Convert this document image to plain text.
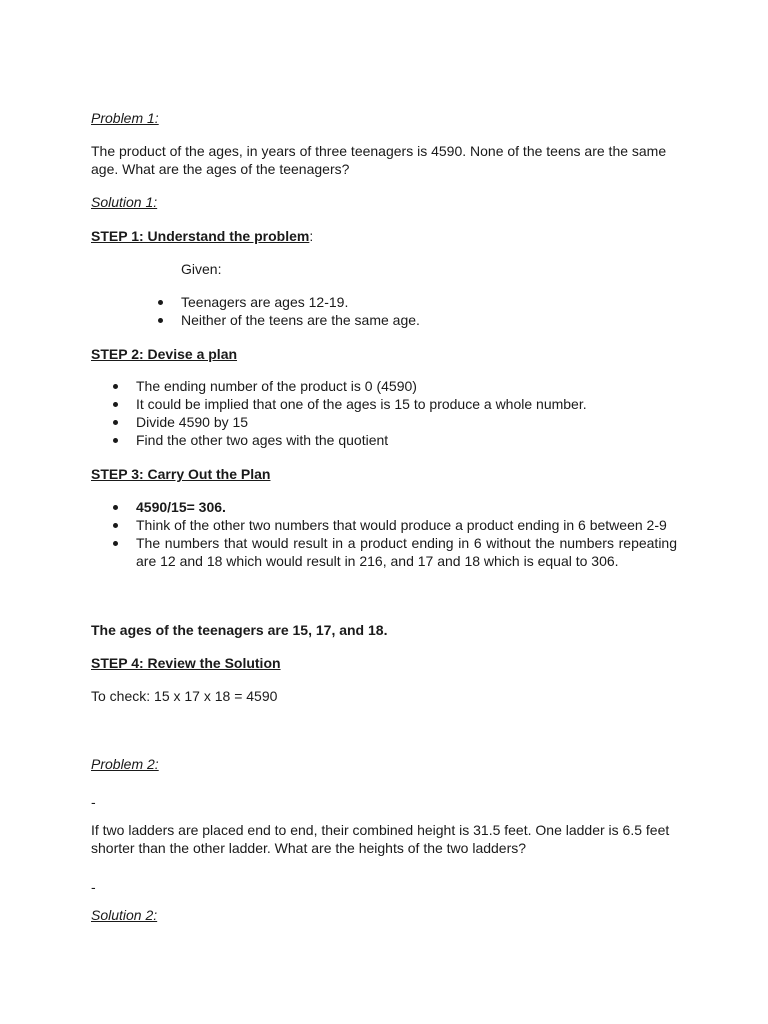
Problem 1:
The product of the ages, in years of three teenagers is 4590. None of the teens are the same age. What are the ages of the teenagers?
Solution 1:
STEP 1: Understand the problem:
Given:
Teenagers are ages 12-19.
Neither of the teens are the same age.
STEP 2: Devise a plan
The ending number of the product is 0 (4590)
It could be implied that one of the ages is 15 to produce a whole number.
Divide 4590 by 15
Find the other two ages with the quotient
STEP 3: Carry Out the Plan
4590/15= 306.
Think of the other two numbers that would produce a product ending in 6 between 2-9
The numbers that would result in a product ending in 6 without the numbers repeating are 12 and 18 which would result in 216, and 17 and 18 which is equal to 306.
The ages of the teenagers are 15, 17, and 18.
STEP 4: Review the Solution
To check: 15 x 17 x 18 = 4590
Problem 2:
-
If two ladders are placed end to end, their combined height is 31.5 feet. One ladder is 6.5 feet shorter than the other ladder. What are the heights of the two ladders?
-
Solution 2:
